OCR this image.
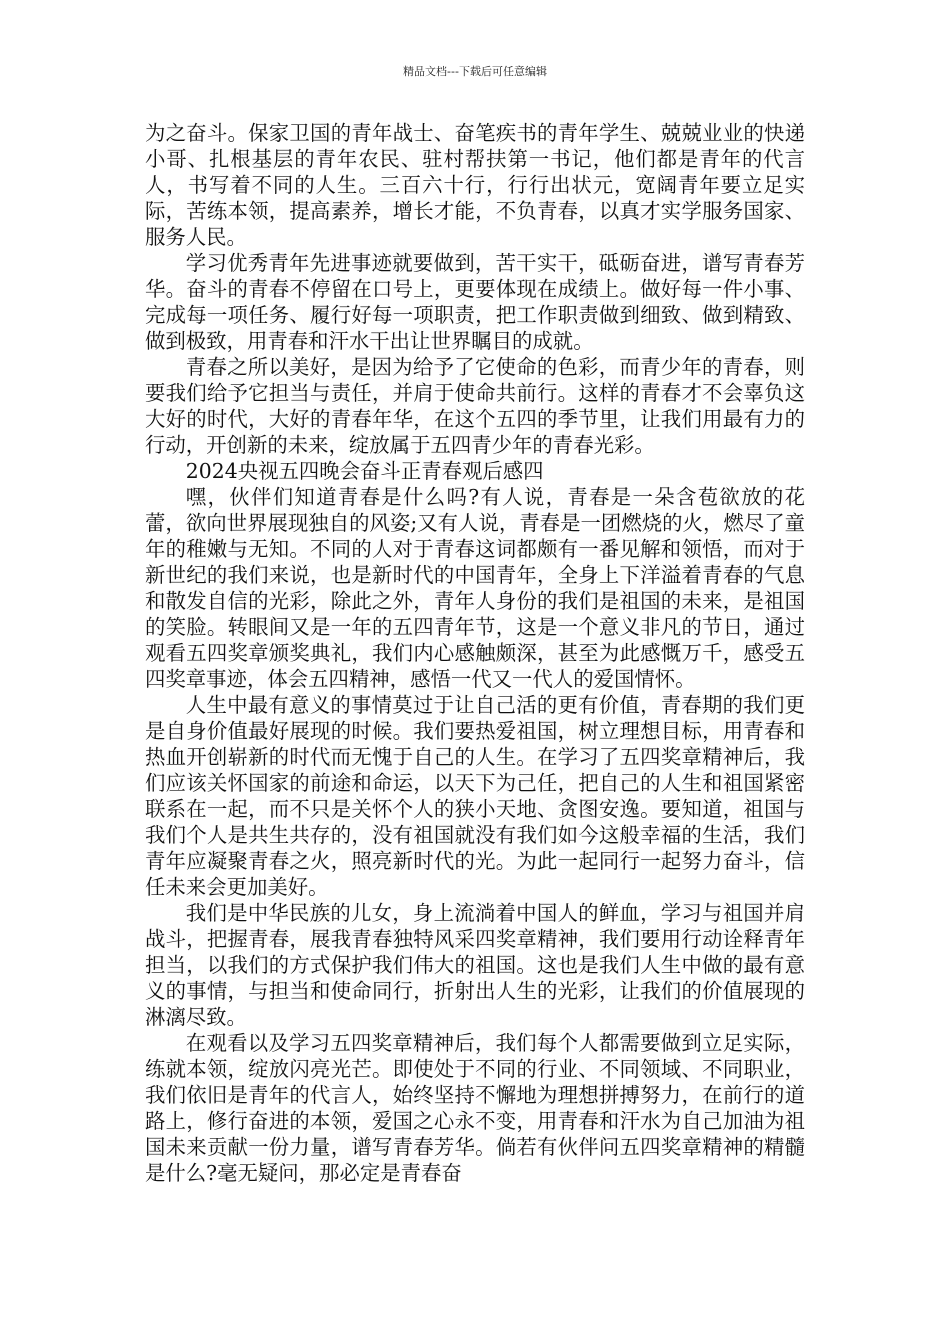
精品文档---下载后可任意编辑

为之奋斗。保家卫国的青年战士、奋笔疾书的青年学生、兢兢业业的快递小哥、扎根基层的青年农民、驻村帮扶第一书记，他们都是青年的代言人，书写着不同的人生。三百六十行，行行出状元，宽阔青年要立足实际，苦练本领，提高素养，增长才能，不负青春，以真才实学服务国家、服务人民。

学习优秀青年先进事迹就要做到，苦干实干，砥砺奋进，谱写青春芳华。奋斗的青春不停留在口号上，更要体现在成绩上。做好每一件小事、完成每一项任务、履行好每一项职责，把工作职责做到细致、做到精致、做到极致，用青春和汗水干出让世界瞩目的成就。

青春之所以美好，是因为给予了它使命的色彩，而青少年的青春，则要我们给予它担当与责任，并肩于使命共前行。这样的青春才不会辜负这大好的时代，大好的青春年华，在这个五四的季节里，让我们用最有力的行动，开创新的未来，绽放属于五四青少年的青春光彩。

2024央视五四晚会奋斗正青春观后感四

嘿，伙伴们知道青春是什么吗?有人说，青春是一朵含苞欲放的花蕾，欲向世界展现独自的风姿;又有人说，青春是一团燃烧的火，燃尽了童年的稚嫩与无知。不同的人对于青春这词都颇有一番见解和领悟，而对于新世纪的我们来说，也是新时代的中国青年，全身上下洋溢着青春的气息和散发自信的光彩，除此之外，青年人身份的我们是祖国的未来，是祖国的笑脸。转眼间又是一年的五四青年节，这是一个意义非凡的节日，通过观看五四奖章颁奖典礼，我们内心感触颇深，甚至为此感慨万千，感受五四奖章事迹，体会五四精神，感悟一代又一代人的爱国情怀。

人生中最有意义的事情莫过于让自己活的更有价值，青春期的我们更是自身价值最好展现的时候。我们要热爱祖国，树立理想目标，用青春和热血开创崭新的时代而无愧于自己的人生。在学习了五四奖章精神后，我们应该关怀国家的前途和命运，以天下为己任，把自己的人生和祖国紧密联系在一起，而不只是关怀个人的狭小天地、贪图安逸。要知道，祖国与我们个人是共生共存的，没有祖国就没有我们如今这般幸福的生活，我们青年应凝聚青春之火，照亮新时代的光。为此一起同行一起努力奋斗，信任未来会更加美好。

我们是中华民族的儿女，身上流淌着中国人的鲜血，学习与祖国并肩战斗，把握青春，展我青春独特风采四奖章精神，我们要用行动诠释青年担当，以我们的方式保护我们伟大的祖国。这也是我们人生中做的最有意义的事情，与担当和使命同行，折射出人生的光彩，让我们的价值展现的淋漓尽致。

在观看以及学习五四奖章精神后，我们每个人都需要做到立足实际，练就本领，绽放闪亮光芒。即使处于不同的行业、不同领域、不同职业，我们依旧是青年的代言人，始终坚持不懈地为理想拼搏努力，在前行的道路上，修行奋进的本领，爱国之心永不变，用青春和汗水为自己加油为祖国未来贡献一份力量，谱写青春芳华。倘若有伙伴问五四奖章精神的精髓是什么?毫无疑问，那必定是青春奋
